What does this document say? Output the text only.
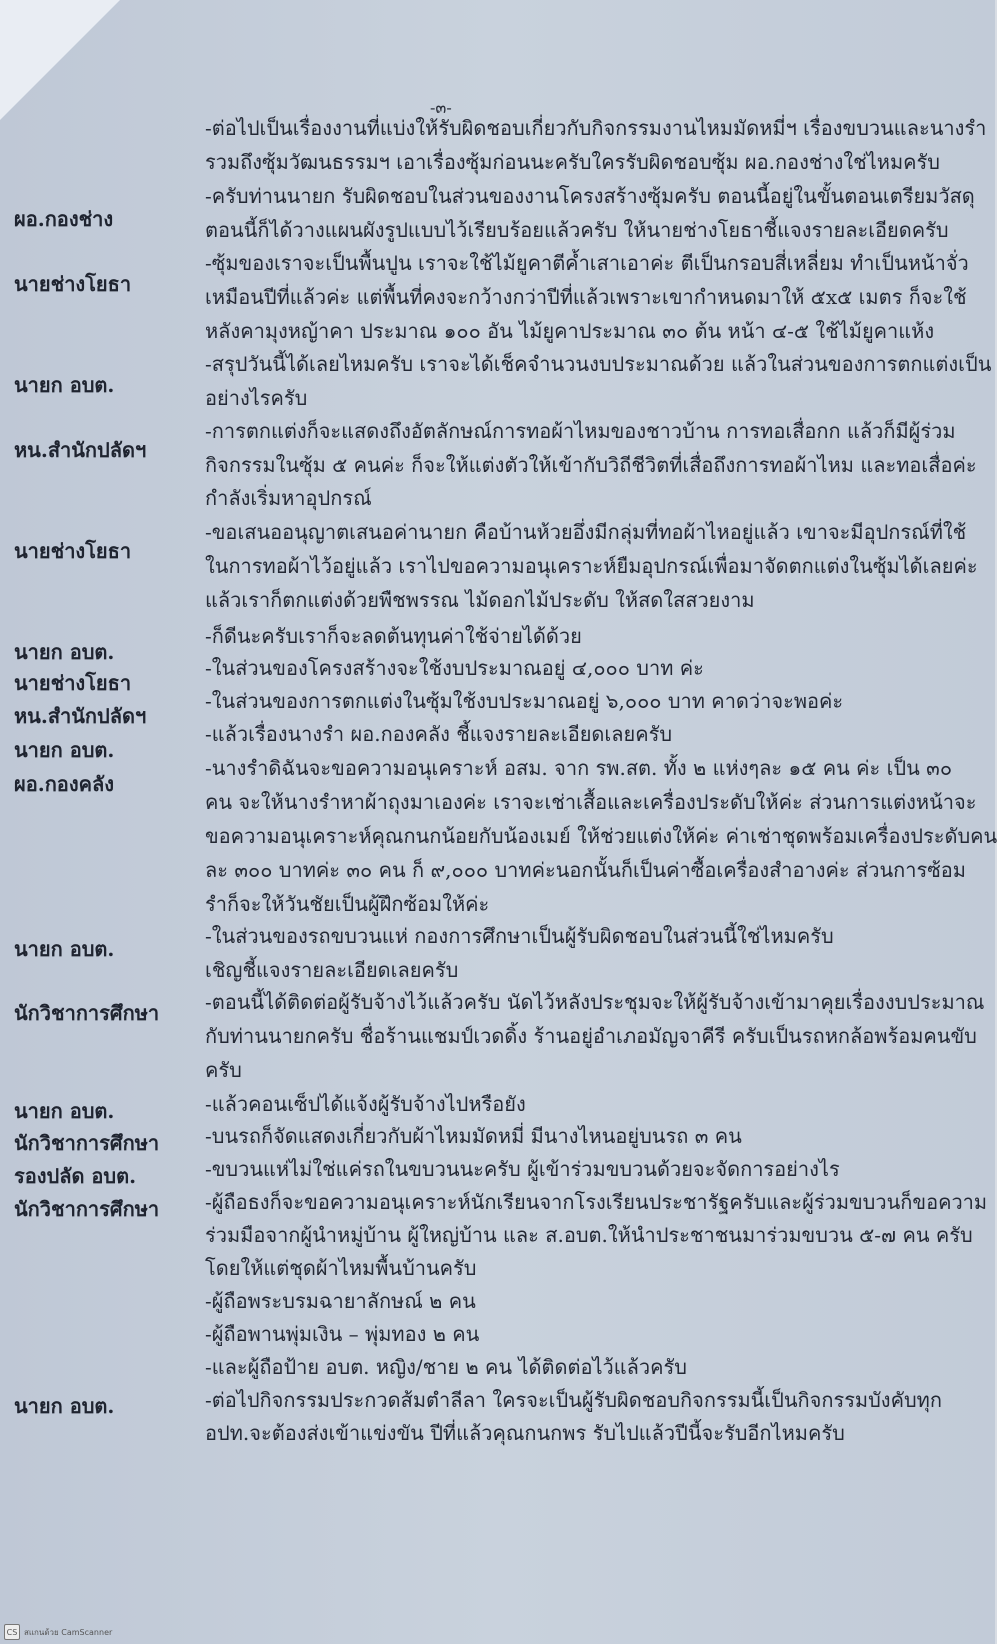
-๓-
ผอ.กองช่าง
นายช่างโยธา
นายก อบต.
หน.สำนักปลัดฯ
นายช่างโยธา
นายก อบต.
นายช่างโยธา
หน.สำนักปลัดฯ
นายก อบต.
ผอ.กองคลัง
นายก อบต.
นักวิชาการศึกษา
นายก อบต.
นักวิชาการศึกษา
รองปลัด อบต.
นักวิชาการศึกษา
นายก อบต.
-ต่อไปเป็นเรื่องงานที่แบ่งให้รับผิดชอบเกี่ยวกับกิจกรรมงานไหมมัดหมี่ฯ เรื่องขบวนและนางรำ
รวมถึงซุ้มวัฒนธรรมฯ เอาเรื่องซุ้มก่อนนะครับใครรับผิดชอบซุ้ม ผอ.กองช่างใช่ไหมครับ
-ครับท่านนายก รับผิดชอบในส่วนของงานโครงสร้างซุ้มครับ ตอนนี้อยู่ในขั้นตอนเตรียมวัสดุ
ตอนนี้ก็ได้วางแผนผังรูปแบบไว้เรียบร้อยแล้วครับ ให้นายช่างโยธาชี้แจงรายละเอียดครับ
-ซุ้มของเราจะเป็นพื้นปูน เราจะใช้ไม้ยูคาตีค้ำเสาเอาค่ะ ตีเป็นกรอบสี่เหลี่ยม ทำเป็นหน้าจั่ว
เหมือนปีที่แล้วค่ะ แต่พื้นที่คงจะกว้างกว่าปีที่แล้วเพราะเขากำหนดมาให้ ๕x๕ เมตร ก็จะใช้
หลังคามุงหญ้าคา ประมาณ ๑๐๐ อัน ไม้ยูคาประมาณ ๓๐ ต้น หน้า ๔-๕ ใช้ไม้ยูคาแห้ง
-สรุปวันนี้ได้เลยไหมครับ เราจะได้เช็คจำนวนงบประมาณด้วย แล้วในส่วนของการตกแต่งเป็น
อย่างไรครับ
-การตกแต่งก็จะแสดงถึงอัตลักษณ์การทอผ้าไหมของชาวบ้าน การทอเสื่อกก แล้วก็มีผู้ร่วม
กิจกรรมในซุ้ม ๕ คนค่ะ ก็จะให้แต่งตัวให้เข้ากับวิถีชีวิตที่เสื่อถึงการทอผ้าไหม และทอเสื่อค่ะ
กำลังเริ่มหาอุปกรณ์
-ขอเสนออนุญาตเสนอค่านายก คือบ้านห้วยอึ่งมีกลุ่มที่ทอผ้าไหอยู่แล้ว เขาจะมีอุปกรณ์ที่ใช้
ในการทอผ้าไว้อยู่แล้ว เราไปขอความอนุเคราะห์ยืมอุปกรณ์เพื่อมาจัดตกแต่งในซุ้มได้เลยค่ะ
แล้วเราก็ตกแต่งด้วยพืชพรรณ ไม้ดอกไม้ประดับ ให้สดใสสวยงาม
-ก็ดีนะครับเราก็จะลดต้นทุนค่าใช้จ่ายได้ด้วย
-ในส่วนของโครงสร้างจะใช้งบประมาณอยู่ ๔,๐๐๐ บาท ค่ะ
-ในส่วนของการตกแต่งในซุ้มใช้งบประมาณอยู่ ๖,๐๐๐ บาท คาดว่าจะพอค่ะ
-แล้วเรื่องนางรำ ผอ.กองคลัง ชี้แจงรายละเอียดเลยครับ
-นางรำดิฉันจะขอความอนุเคราะห์ อสม. จาก รพ.สต. ทั้ง ๒ แห่งๆละ ๑๕ คน ค่ะ เป็น ๓๐
คน จะให้นางรำหาผ้าถุงมาเองค่ะ เราจะเช่าเสื้อและเครื่องประดับให้ค่ะ ส่วนการแต่งหน้าจะ
ขอความอนุเคราะห์คุณกนกน้อยกับน้องเมย์ ให้ช่วยแต่งให้ค่ะ ค่าเช่าชุดพร้อมเครื่องประดับคน
ละ ๓๐๐ บาทค่ะ ๓๐ คน ก็ ๙,๐๐๐ บาทค่ะนอกนั้นก็เป็นค่าซื้อเครื่องสำอางค่ะ ส่วนการซ้อม
รำก็จะให้วันชัยเป็นผู้ฝึกซ้อมให้ค่ะ
-ในส่วนของรถขบวนแห่ กองการศึกษาเป็นผู้รับผิดชอบในส่วนนี้ใช่ไหมครับ
เชิญชี้แจงรายละเอียดเลยครับ
-ตอนนี้ได้ติดต่อผู้รับจ้างไว้แล้วครับ นัดไว้หลังประชุมจะให้ผู้รับจ้างเข้ามาคุยเรื่องงบประมาณ
กับท่านนายกครับ ชื่อร้านแชมป์เวดดิ้ง ร้านอยู่อำเภอมัญจาคีรี ครับเป็นรถหกล้อพร้อมคนขับ
ครับ
-แล้วคอนเซ็ปได้แจ้งผู้รับจ้างไปหรือยัง
-บนรถก็จัดแสดงเกี่ยวกับผ้าไหมมัดหมี่ มีนางไหนอยู่บนรถ ๓ คน
-ขบวนแห่ไม่ใช่แค่รถในขบวนนะครับ ผู้เข้าร่วมขบวนด้วยจะจัดการอย่างไร
-ผู้ถือธงก็จะขอความอนุเคราะห์นักเรียนจากโรงเรียนประชารัฐครับและผู้ร่วมขบวนก็ขอความ
ร่วมมือจากผู้นำหมู่บ้าน ผู้ใหญ่บ้าน และ ส.อบต.ให้นำประชาชนมาร่วมขบวน ๕-๗ คน ครับ
โดยให้แต่ชุดผ้าไหมพื้นบ้านครับ
-ผู้ถือพระบรมฉายาลักษณ์ ๒ คน
-ผู้ถือพานพุ่มเงิน – พุ่มทอง ๒ คน
-และผู้ถือป้าย อบต. หญิง/ชาย ๒ คน ได้ติดต่อไว้แล้วครับ
-ต่อไปกิจกรรมประกวดส้มตำลีลา ใครจะเป็นผู้รับผิดชอบกิจกรรมนี้เป็นกิจกรรมบังคับทุก
อปท.จะต้องส่งเข้าแข่งขัน ปีที่แล้วคุณกนกพร รับไปแล้วปีนี้จะรับอีกไหมครับ
CS สแกนด้วย CamScanner
